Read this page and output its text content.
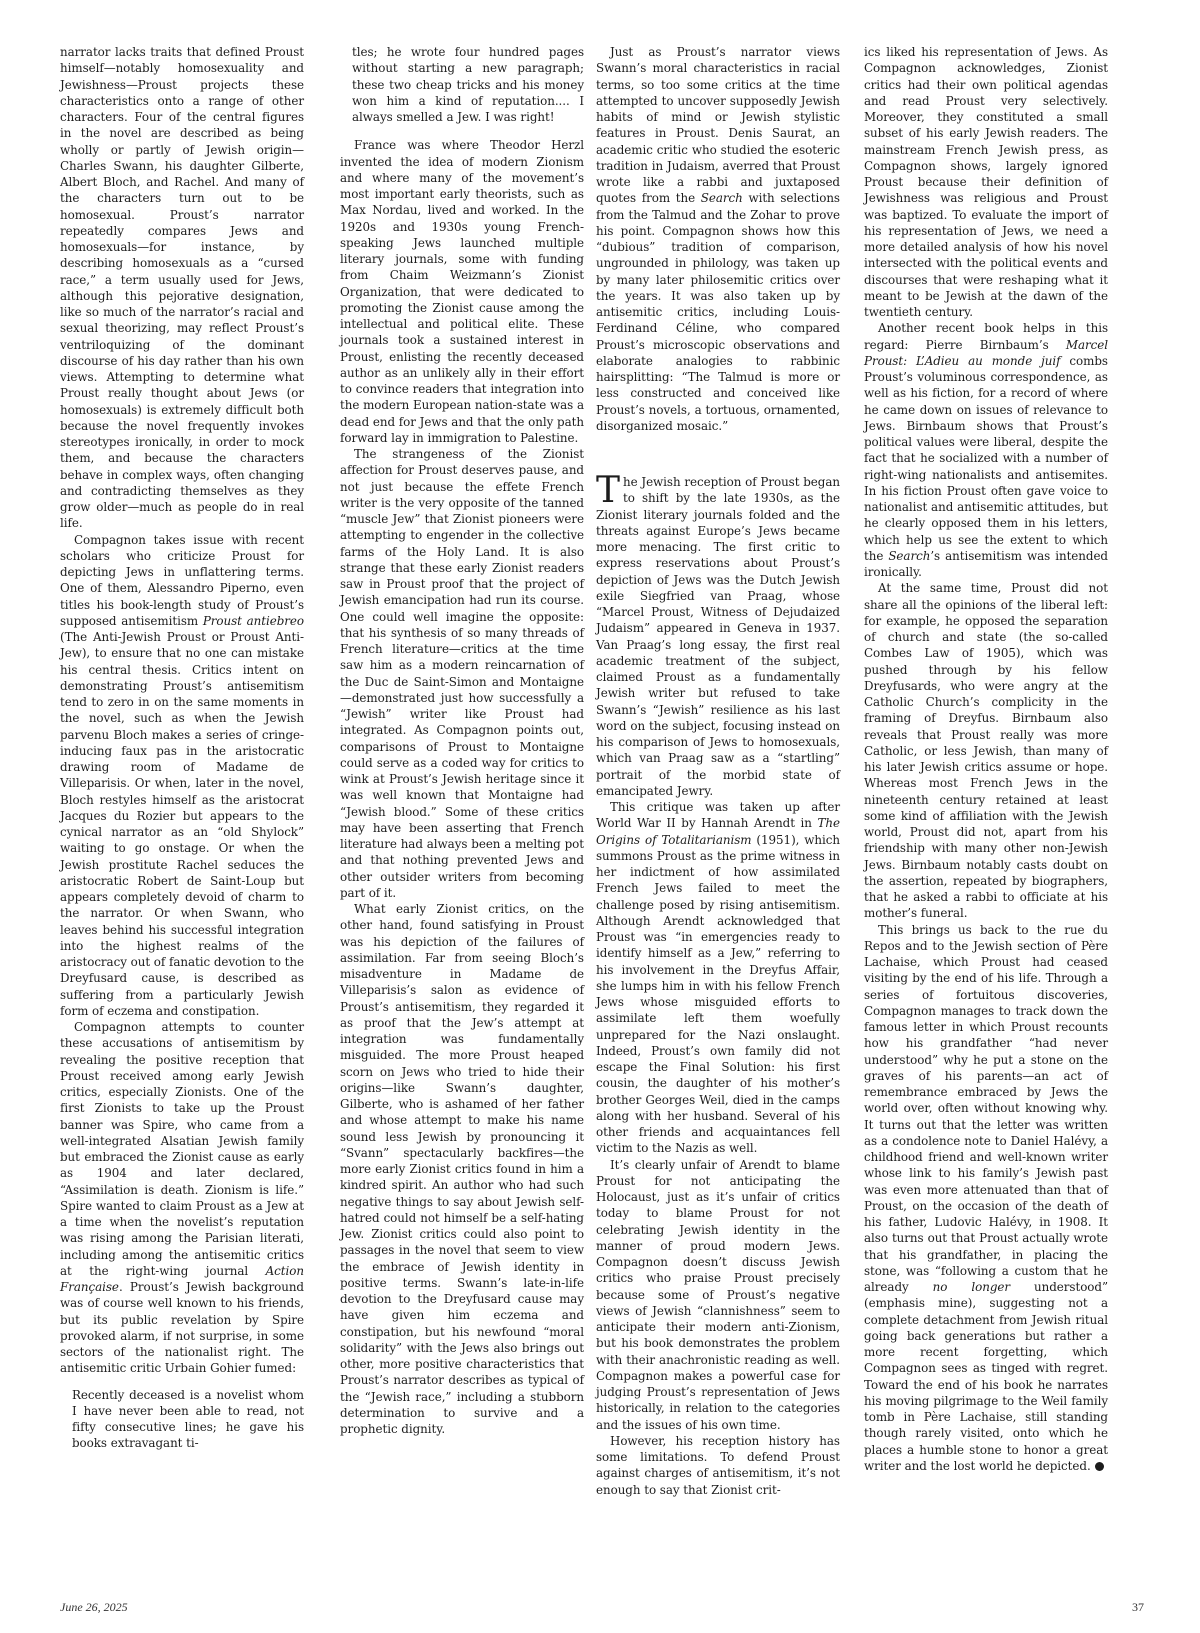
narrator lacks traits that defined Proust himself—notably homosexuality and Jewishness—Proust projects these characteristics onto a range of other characters. Four of the central figures in the novel are described as being wholly or partly of Jewish origin—Charles Swann, his daughter Gilberte, Albert Bloch, and Rachel. And many of the characters turn out to be homosexual. Proust’s narrator repeatedly compares Jews and homosexuals—for instance, by describing homosexuals as a “cursed race,” a term usually used for Jews, although this pejorative designation, like so much of the narrator’s racial and sexual theorizing, may reflect Proust’s ventriloquizing of the dominant discourse of his day rather than his own views. Attempting to determine what Proust really thought about Jews (or homosexuals) is extremely difficult both because the novel frequently invokes stereotypes ironically, in order to mock them, and because the characters behave in complex ways, often changing and contradicting themselves as they grow older—much as people do in real life.

Compagnon takes issue with recent scholars who criticize Proust for depicting Jews in unflattering terms. One of them, Alessandro Piperno, even titles his book-length study of Proust’s supposed antisemitism Proust antiebreo (The Anti-Jewish Proust or Proust Anti-Jew), to ensure that no one can mistake his central thesis. Critics intent on demonstrating Proust’s antisemitism tend to zero in on the same moments in the novel, such as when the Jewish parvenu Bloch makes a series of cringe-inducing faux pas in the aristocratic drawing room of Madame de Villeparisis. Or when, later in the novel, Bloch restyles himself as the aristocrat Jacques du Rozier but appears to the cynical narrator as an “old Shylock” waiting to go onstage. Or when the Jewish prostitute Rachel seduces the aristocratic Robert de Saint-Loup but appears completely devoid of charm to the narrator. Or when Swann, who leaves behind his successful integration into the highest realms of the aristocracy out of fanatic devotion to the Dreyfusard cause, is described as suffering from a particularly Jewish form of eczema and constipation.

Compagnon attempts to counter these accusations of antisemitism by revealing the positive reception that Proust received among early Jewish critics, especially Zionists. One of the first Zionists to take up the Proust banner was Spire, who came from a well-integrated Alsatian Jewish family but embraced the Zionist cause as early as 1904 and later declared, “Assimilation is death. Zionism is life.” Spire wanted to claim Proust as a Jew at a time when the novelist’s reputation was rising among the Parisian literati, including among the antisemitic critics at the right-wing journal Action Française. Proust’s Jewish background was of course well known to his friends, but its public revelation by Spire provoked alarm, if not surprise, in some sectors of the nationalist right. The antisemitic critic Urbain Gohier fumed:

Recently deceased is a novelist whom I have never been able to read, not fifty consecutive lines; he gave his books extravagant ti-

tles; he wrote four hundred pages without starting a new paragraph; these two cheap tricks and his money won him a kind of reputation.... I always smelled a Jew. I was right!

France was where Theodor Herzl invented the idea of modern Zionism and where many of the movement’s most important early theorists, such as Max Nordau, lived and worked. In the 1920s and 1930s young French-speaking Jews launched multiple literary journals, some with funding from Chaim Weizmann’s Zionist Organization, that were dedicated to promoting the Zionist cause among the intellectual and political elite. These journals took a sustained interest in Proust, enlisting the recently deceased author as an unlikely ally in their effort to convince readers that integration into the modern European nation-state was a dead end for Jews and that the only path forward lay in immigration to Palestine.

The strangeness of the Zionist affection for Proust deserves pause, and not just because the effete French writer is the very opposite of the tanned “muscle Jew” that Zionist pioneers were attempting to engender in the collective farms of the Holy Land. It is also strange that these early Zionist readers saw in Proust proof that the project of Jewish emancipation had run its course. One could well imagine the opposite: that his synthesis of so many threads of French literature—critics at the time saw him as a modern reincarnation of the Duc de Saint-Simon and Montaigne—demonstrated just how successfully a “Jewish” writer like Proust had integrated. As Compagnon points out, comparisons of Proust to Montaigne could serve as a coded way for critics to wink at Proust’s Jewish heritage since it was well known that Montaigne had “Jewish blood.” Some of these critics may have been asserting that French literature had always been a melting pot and that nothing prevented Jews and other outsider writers from becoming part of it.

What early Zionist critics, on the other hand, found satisfying in Proust was his depiction of the failures of assimilation. Far from seeing Bloch’s misadventure in Madame de Villeparisis’s salon as evidence of Proust’s antisemitism, they regarded it as proof that the Jew’s attempt at integration was fundamentally misguided. The more Proust heaped scorn on Jews who tried to hide their origins—like Swann’s daughter, Gilberte, who is ashamed of her father and whose attempt to make his name sound less Jewish by pronouncing it “Svann” spectacularly backfires—the more early Zionist critics found in him a kindred spirit. An author who had such negative things to say about Jewish self-hatred could not himself be a self-hating Jew. Zionist critics could also point to passages in the novel that seem to view the embrace of Jewish identity in positive terms. Swann’s late-in-life devotion to the Dreyfusard cause may have given him eczema and constipation, but his newfound “moral solidarity” with the Jews also brings out other, more positive characteristics that Proust’s narrator describes as typical of the “Jewish race,” including a stubborn determination to survive and a prophetic dignity.

Just as Proust’s narrator views Swann’s moral characteristics in racial terms, so too some critics at the time attempted to uncover supposedly Jewish habits of mind or Jewish stylistic features in Proust. Denis Saurat, an academic critic who studied the esoteric tradition in Judaism, averred that Proust wrote like a rabbi and juxtaposed quotes from the Search with selections from the Talmud and the Zohar to prove his point. Compagnon shows how this “dubious” tradition of comparison, ungrounded in philology, was taken up by many later philosemitic critics over the years. It was also taken up by antisemitic critics, including Louis-Ferdinand Céline, who compared Proust’s microscopic observations and elaborate analogies to rabbinic hairsplitting: “The Talmud is more or less constructed and conceived like Proust’s novels, a tortuous, ornamented, disorganized mosaic.”

The Jewish reception of Proust began to shift by the late 1930s, as the Zionist literary journals folded and the threats against Europe’s Jews became more menacing. The first critic to express reservations about Proust’s depiction of Jews was the Dutch Jewish exile Siegfried van Praag, whose “Marcel Proust, Witness of Dejudaized Judaism” appeared in Geneva in 1937. Van Praag’s long essay, the first real academic treatment of the subject, claimed Proust as a fundamentally Jewish writer but refused to take Swann’s “Jewish” resilience as his last word on the subject, focusing instead on his comparison of Jews to homosexuals, which van Praag saw as a “startling” portrait of the morbid state of emancipated Jewry.

This critique was taken up after World War II by Hannah Arendt in The Origins of Totalitarianism (1951), which summons Proust as the prime witness in her indictment of how assimilated French Jews failed to meet the challenge posed by rising antisemitism. Although Arendt acknowledged that Proust was “in emergencies ready to identify himself as a Jew,” referring to his involvement in the Dreyfus Affair, she lumps him in with his fellow French Jews whose misguided efforts to assimilate left them woefully unprepared for the Nazi onslaught. Indeed, Proust’s own family did not escape the Final Solution: his first cousin, the daughter of his mother’s brother Georges Weil, died in the camps along with her husband. Several of his other friends and acquaintances fell victim to the Nazis as well.

It’s clearly unfair of Arendt to blame Proust for not anticipating the Holocaust, just as it’s unfair of critics today to blame Proust for not celebrating Jewish identity in the manner of proud modern Jews. Compagnon doesn’t discuss Jewish critics who praise Proust precisely because some of Proust’s negative views of Jewish “clannishness” seem to anticipate their modern anti-Zionism, but his book demonstrates the problem with their anachronistic reading as well. Compagnon makes a powerful case for judging Proust’s representation of Jews historically, in relation to the categories and the issues of his own time.

However, his reception history has some limitations. To defend Proust against charges of antisemitism, it’s not enough to say that Zionist crit-

ics liked his representation of Jews. As Compagnon acknowledges, Zionist critics had their own political agendas and read Proust very selectively. Moreover, they constituted a small subset of his early Jewish readers. The mainstream French Jewish press, as Compagnon shows, largely ignored Proust because their definition of Jewishness was religious and Proust was baptized. To evaluate the import of his representation of Jews, we need a more detailed analysis of how his novel intersected with the political events and discourses that were reshaping what it meant to be Jewish at the dawn of the twentieth century.

Another recent book helps in this regard: Pierre Birnbaum’s Marcel Proust: L’Adieu au monde juif combs Proust’s voluminous correspondence, as well as his fiction, for a record of where he came down on issues of relevance to Jews. Birnbaum shows that Proust’s political values were liberal, despite the fact that he socialized with a number of right-wing nationalists and antisemites. In his fiction Proust often gave voice to nationalist and antisemitic attitudes, but he clearly opposed them in his letters, which help us see the extent to which the Search’s antisemitism was intended ironically.

At the same time, Proust did not share all the opinions of the liberal left: for example, he opposed the separation of church and state (the so-called Combes Law of 1905), which was pushed through by his fellow Dreyfusards, who were angry at the Catholic Church’s complicity in the framing of Dreyfus. Birnbaum also reveals that Proust really was more Catholic, or less Jewish, than many of his later Jewish critics assume or hope. Whereas most French Jews in the nineteenth century retained at least some kind of affiliation with the Jewish world, Proust did not, apart from his friendship with many other non-Jewish Jews. Birnbaum notably casts doubt on the assertion, repeated by biographers, that he asked a rabbi to officiate at his mother’s funeral.

This brings us back to the rue du Repos and to the Jewish section of Père Lachaise, which Proust had ceased visiting by the end of his life. Through a series of fortuitous discoveries, Compagnon manages to track down the famous letter in which Proust recounts how his grandfather “had never understood” why he put a stone on the graves of his parents—an act of remembrance embraced by Jews the world over, often without knowing why. It turns out that the letter was written as a condolence note to Daniel Halévy, a childhood friend and well-known writer whose link to his family’s Jewish past was even more attenuated than that of Proust, on the occasion of the death of his father, Ludovic Halévy, in 1908. It also turns out that Proust actually wrote that his grandfather, in placing the stone, was “following a custom that he already no longer understood” (emphasis mine), suggesting not a complete detachment from Jewish ritual going back generations but rather a more recent forgetting, which Compagnon sees as tinged with regret. Toward the end of his book he narrates his moving pilgrimage to the Weil family tomb in Père Lachaise, still standing though rarely visited, onto which he places a humble stone to honor a great writer and the lost world he depicted.

June 26, 2025	37
